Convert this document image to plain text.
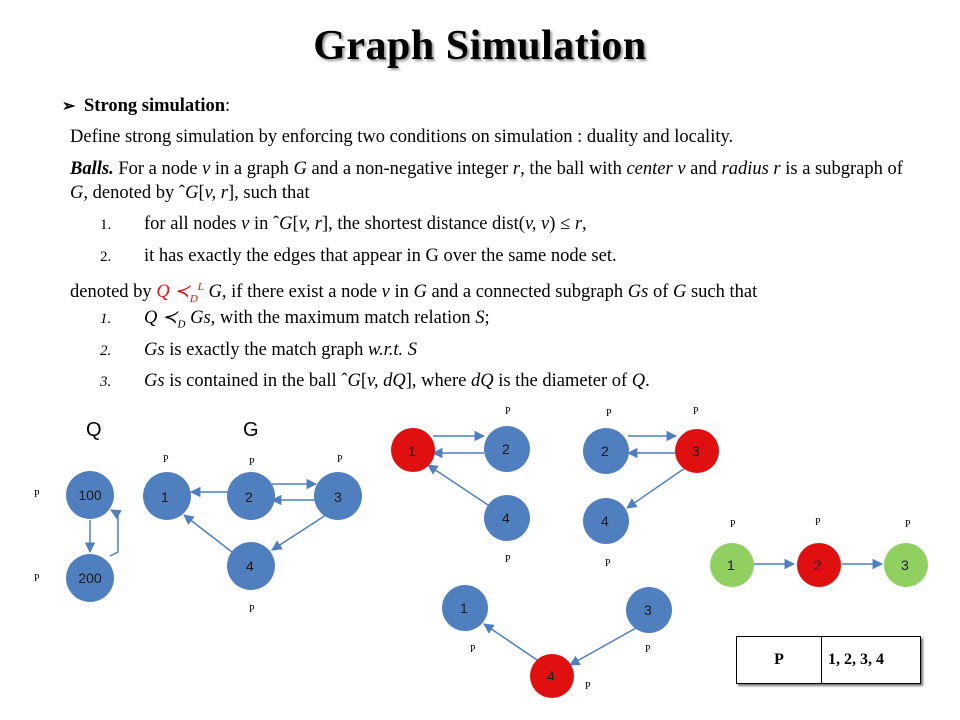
Graph Simulation
➢ Strong simulation:
Define strong simulation by enforcing two conditions on simulation : duality and locality.
Balls. For a node v in a graph G and a non-negative integer r, the ball with center v and radius r is a subgraph of G, denoted by ˆG[v, r], such that
1. for all nodes v in ˆG[v, r], the shortest distance dist(v, v) ≤ r,
2. it has exactly the edges that appear in G over the same node set.
denoted by Q $≺_D^L$ G, if there exist a node v in G and a connected subgraph Gs of G such that
1. Q $≺_D$ Gs, with the maximum match relation S;
2. Gs is exactly the match graph w.r.t. S
3. Gs is contained in the ball ˆG[v, dQ], where dQ is the diameter of Q.
Q	G
100
200
P
P
1	2	3
4
P	P	P
P
1	2
4
P
P
2	3
4
P	P
P
1	3
4
P	P
P
1	2	3
P	P	P
P	1, 2, 3, 4
